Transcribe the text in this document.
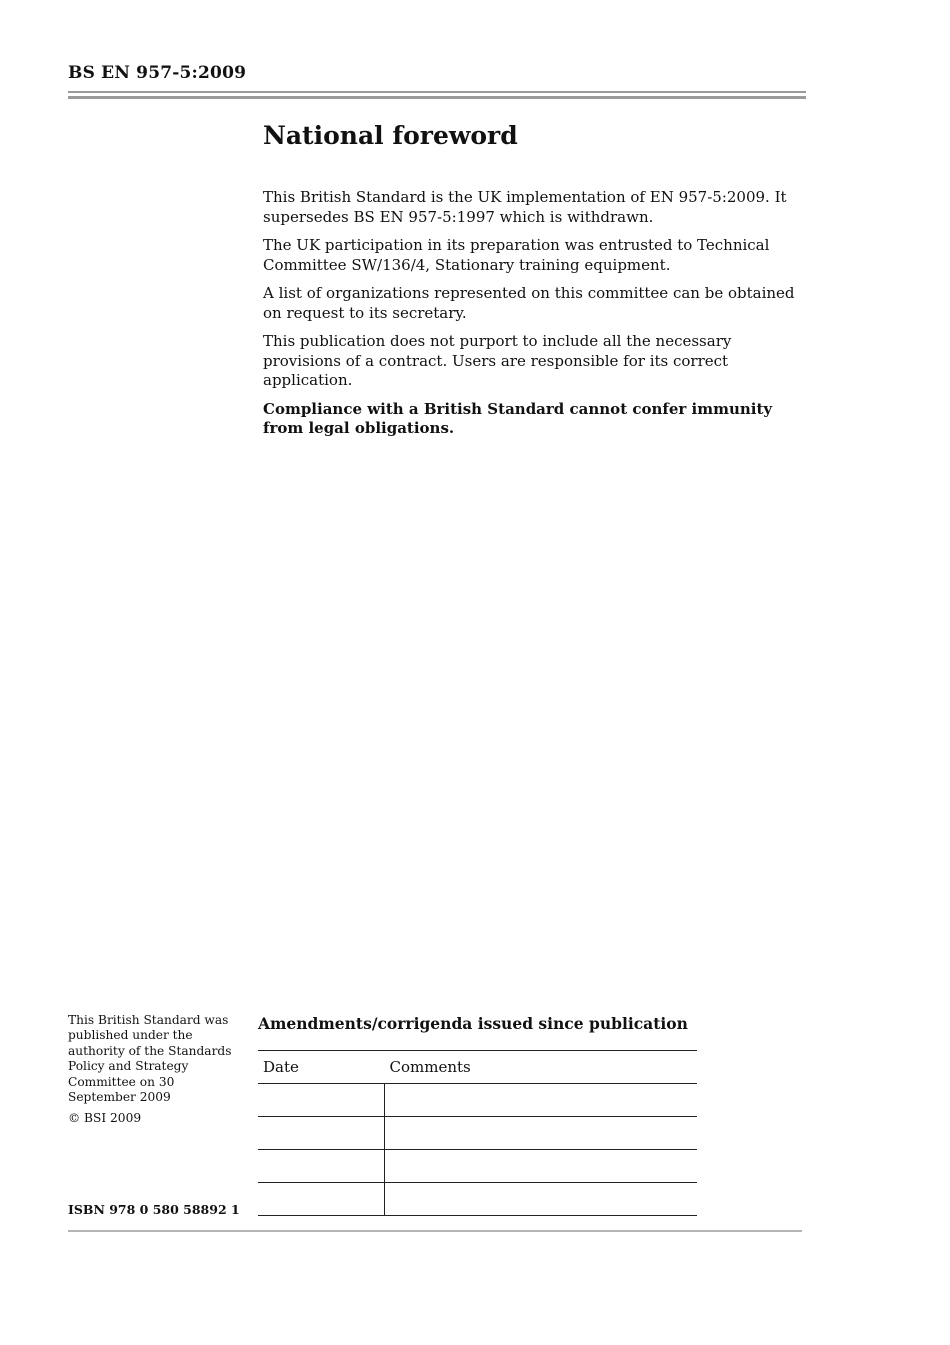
BS EN 957-5:2009
National foreword

This British Standard is the UK implementation of EN 957-5:2009. It supersedes BS EN 957-5:1997 which is withdrawn.

The UK participation in its preparation was entrusted to Technical Committee SW/136/4, Stationary training equipment.

A list of organizations represented on this committee can be obtained on request to its secretary.

This publication does not purport to include all the necessary provisions of a contract. Users are responsible for its correct application.

Compliance with a British Standard cannot confer immunity from legal obligations.

This British Standard was published under the authority of the Standards Policy and Strategy Committee on 30 September 2009

© BSI 2009

ISBN 978 0 580 58892 1
Amendments/corrigenda issued since publication
Date	Comments
